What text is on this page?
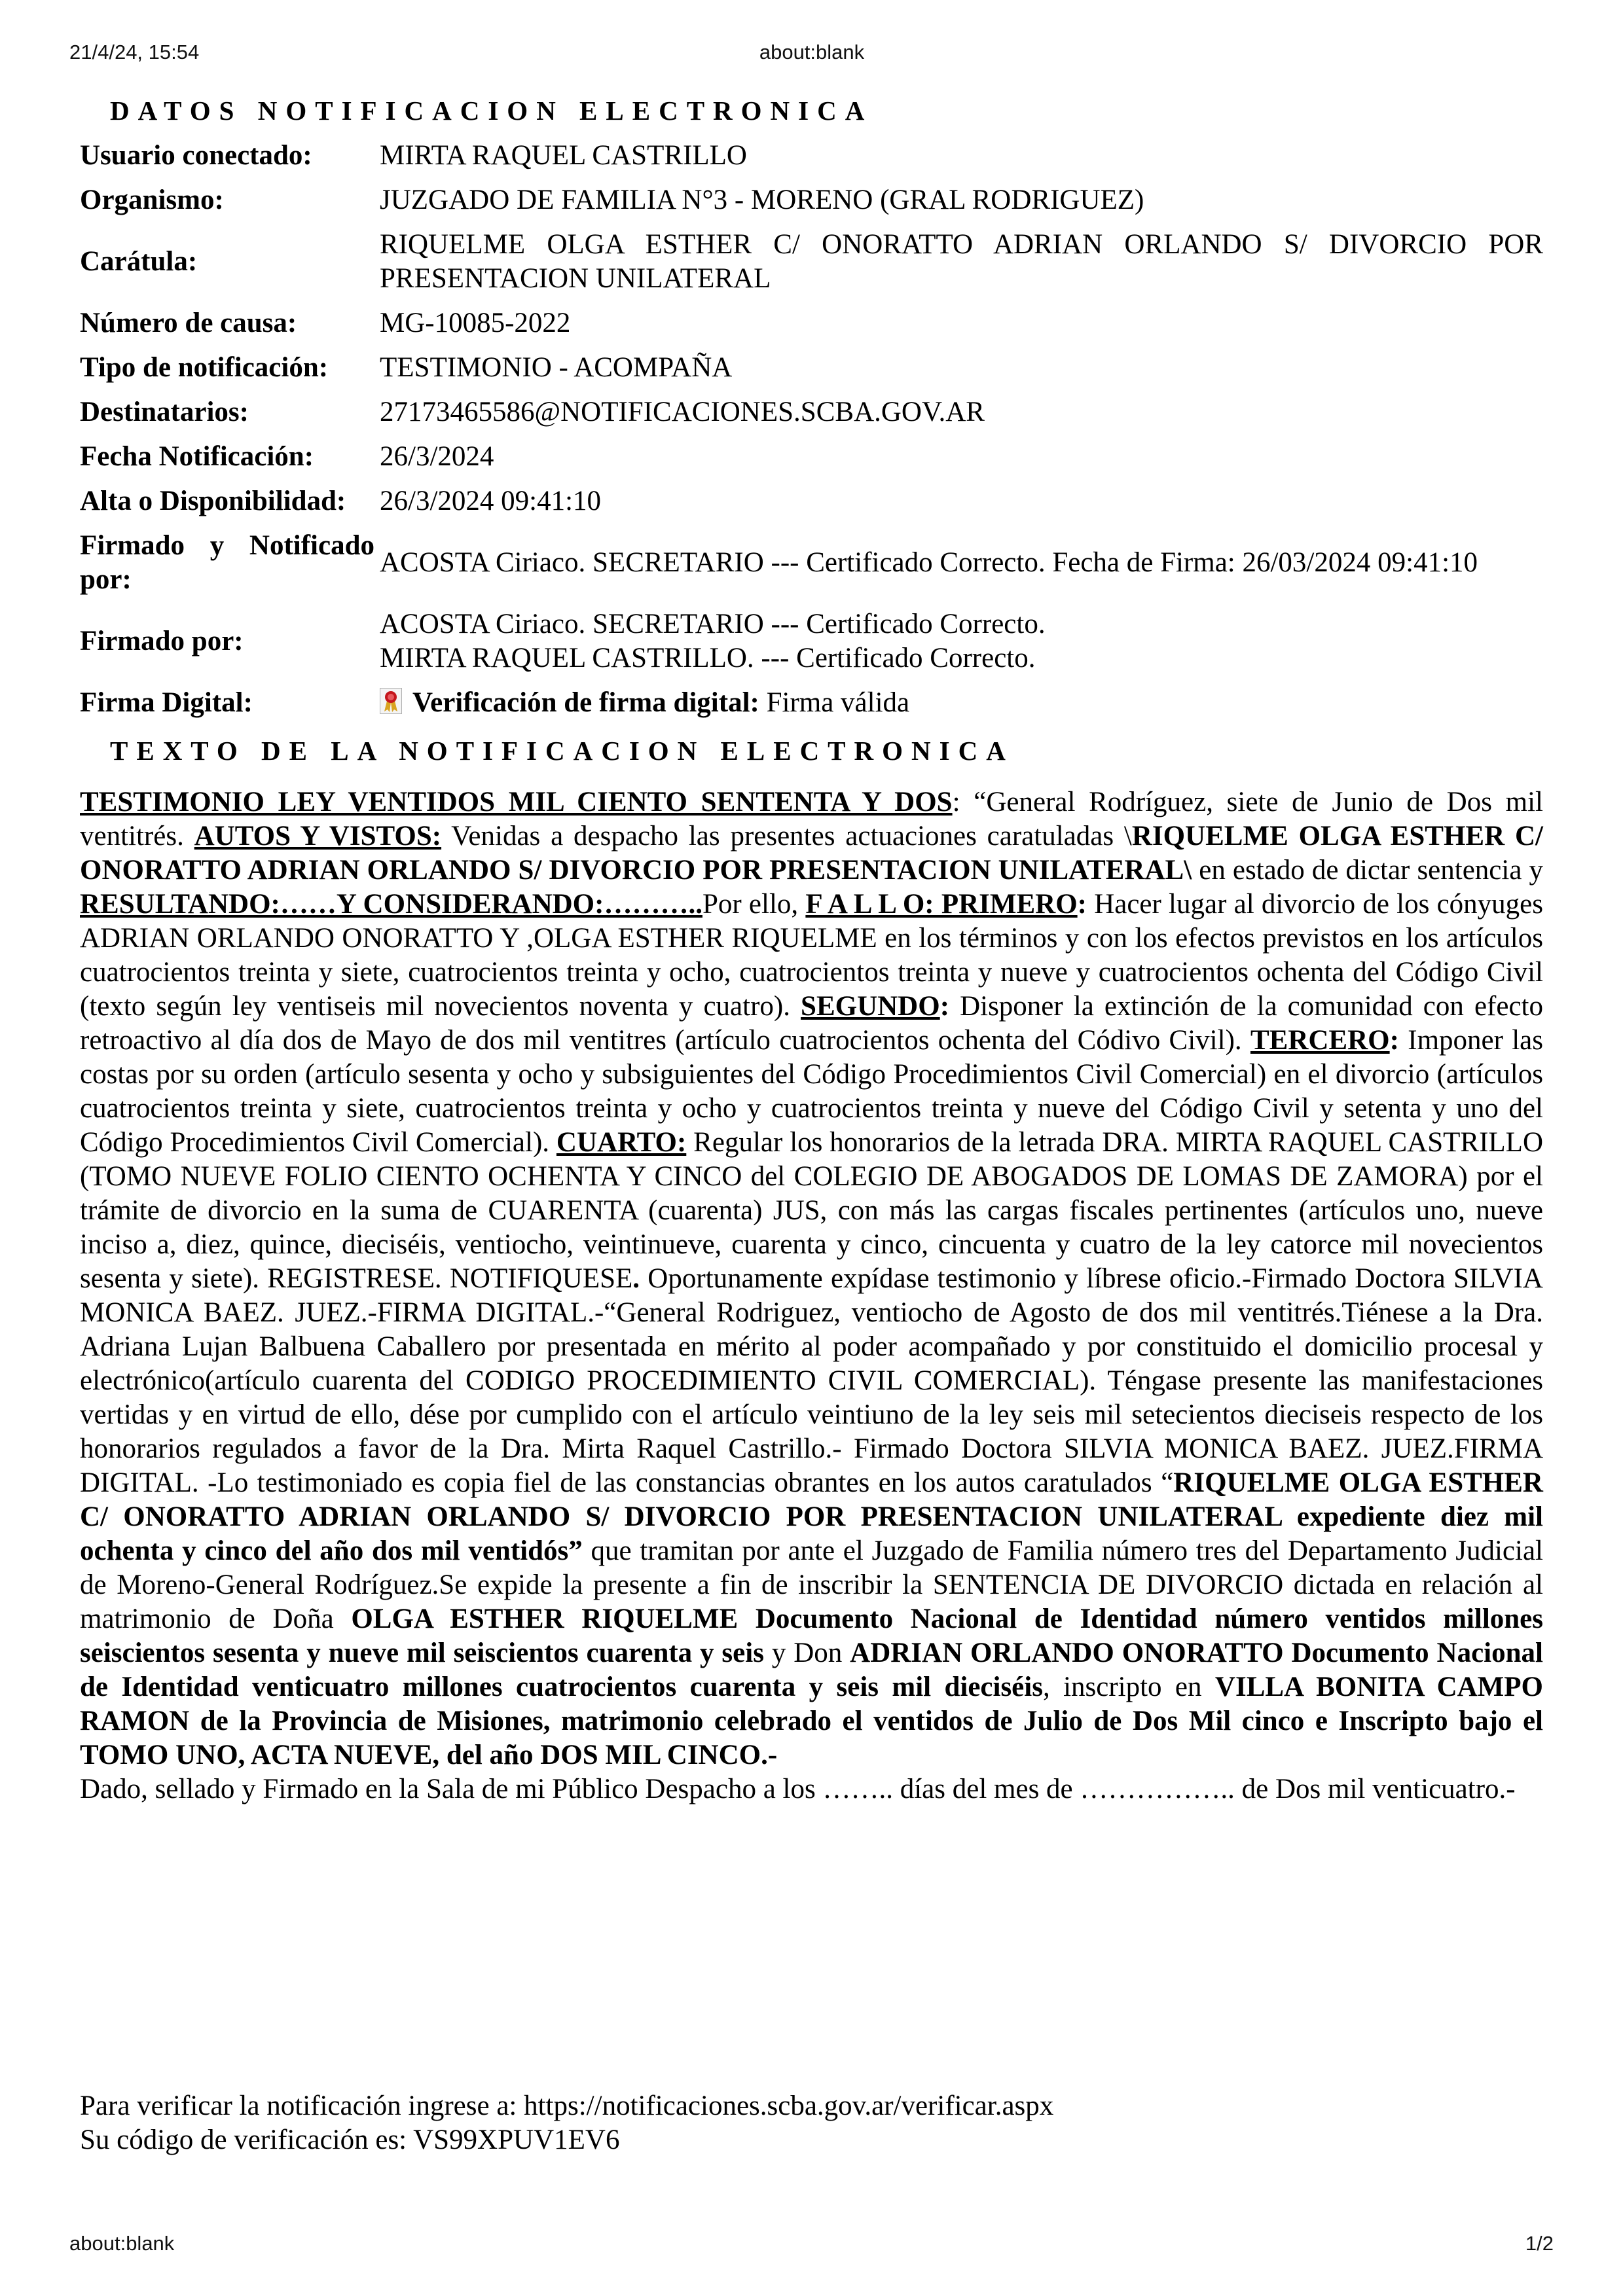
21/4/24, 15:54	about:blank
DATOS NOTIFICACION ELECTRONICA
Usuario conectado:	MIRTA RAQUEL CASTRILLO
Organismo:	JUZGADO DE FAMILIA N°3 - MORENO (GRAL RODRIGUEZ)
Carátula:	RIQUELME OLGA ESTHER C/ ONORATTO ADRIAN ORLANDO S/ DIVORCIO POR PRESENTACION UNILATERAL
Número de causa:	MG-10085-2022
Tipo de notificación:	TESTIMONIO - ACOMPAÑA
Destinatarios:	27173465586@NOTIFICACIONES.SCBA.GOV.AR
Fecha Notificación:	26/3/2024
Alta o Disponibilidad:	26/3/2024 09:41:10
Firmado y Notificado por:	ACOSTA Ciriaco. SECRETARIO --- Certificado Correcto. Fecha de Firma: 26/03/2024 09:41:10
Firmado por:	ACOSTA Ciriaco. SECRETARIO --- Certificado Correcto.
MIRTA RAQUEL CASTRILLO. --- Certificado Correcto.

Firma Digital:	Verificación de firma digital: Firma válida
TEXTO DE LA NOTIFICACION ELECTRONICA

TESTIMONIO LEY VENTIDOS MIL CIENTO SENTENTA Y DOS: “General Rodríguez, siete de Junio de Dos mil ventitrés. AUTOS Y VISTOS: Venidas a despacho las presentes actuaciones caratuladas \RIQUELME OLGA ESTHER C/ ONORATTO ADRIAN ORLANDO S/ DIVORCIO POR PRESENTACION UNILATERAL\ en estado de dictar sentencia y RESULTANDO:……Y CONSIDERANDO:………..Por ello, F A L L O: PRIMERO: Hacer lugar al divorcio de los cónyuges ADRIAN ORLANDO ONORATTO Y ,OLGA ESTHER RIQUELME en los términos y con los efectos previstos en los artículos cuatrocientos treinta y siete, cuatrocientos treinta y ocho, cuatrocientos treinta y nueve y cuatrocientos ochenta del Código Civil (texto según ley ventiseis mil novecientos noventa y cuatro). SEGUNDO: Disponer la extinción de la comunidad con efecto retroactivo al día dos de Mayo de dos mil ventitres (artículo cuatrocientos ochenta del Códivo Civil). TERCERO: Imponer las costas por su orden (artículo sesenta y ocho y subsiguientes del Código Procedimientos Civil Comercial) en el divorcio (artículos cuatrocientos treinta y siete, cuatrocientos treinta y ocho y cuatrocientos treinta y nueve del Código Civil y setenta y uno del Código Procedimientos Civil Comercial). CUARTO: Regular los honorarios de la letrada DRA. MIRTA RAQUEL CASTRILLO (TOMO NUEVE FOLIO CIENTO OCHENTA Y CINCO del COLEGIO DE ABOGADOS DE LOMAS DE ZAMORA) por el trámite de divorcio en la suma de CUARENTA (cuarenta) JUS, con más las cargas fiscales pertinentes (artículos uno, nueve inciso a, diez, quince, dieciséis, ventiocho, veintinueve, cuarenta y cinco, cincuenta y cuatro de la ley catorce mil novecientos sesenta y siete). REGISTRESE. NOTIFIQUESE. Oportunamente expídase testimonio y líbrese oficio.-Firmado Doctora SILVIA MONICA BAEZ. JUEZ.-FIRMA DIGITAL.-“General Rodriguez, ventiocho de Agosto de dos mil ventitrés.Tiénese a la Dra. Adriana Lujan Balbuena Caballero por presentada en mérito al poder acompañado y por constituido el domicilio procesal y electrónico(artículo cuarenta del CODIGO PROCEDIMIENTO CIVIL COMERCIAL). Téngase presente las manifestaciones vertidas y en virtud de ello, dése por cumplido con el artículo veintiuno de la ley seis mil setecientos dieciseis respecto de los honorarios regulados a favor de la Dra. Mirta Raquel Castrillo.- Firmado Doctora SILVIA MONICA BAEZ. JUEZ.FIRMA DIGITAL. -Lo testimoniado es copia fiel de las constancias obrantes en los autos caratulados “RIQUELME OLGA ESTHER C/ ONORATTO ADRIAN ORLANDO S/ DIVORCIO POR PRESENTACION UNILATERAL expediente diez mil ochenta y cinco del año dos mil ventidós” que tramitan por ante el Juzgado de Familia número tres del Departamento Judicial de Moreno-General Rodríguez.Se expide la presente a fin de inscribir la SENTENCIA DE DIVORCIO dictada en relación al matrimonio de Doña OLGA ESTHER RIQUELME Documento Nacional de Identidad número ventidos millones seiscientos sesenta y nueve mil seiscientos cuarenta y seis y Don ADRIAN ORLANDO ONORATTO Documento Nacional de Identidad venticuatro millones cuatrocientos cuarenta y seis mil dieciséis, inscripto en VILLA BONITA CAMPO RAMON de la Provincia de Misiones, matrimonio celebrado el ventidos de Julio de Dos Mil cinco e Inscripto bajo el TOMO UNO, ACTA NUEVE, del año DOS MIL CINCO.-

Dado, sellado y Firmado en la Sala de mi Público Despacho a los …….. días del mes de …………….. de Dos mil venticuatro.-

Para verificar la notificación ingrese a: https://notificaciones.scba.gov.ar/verificar.aspx
Su código de verificación es: VS99XPUV1EV6
about:blank	1/2
